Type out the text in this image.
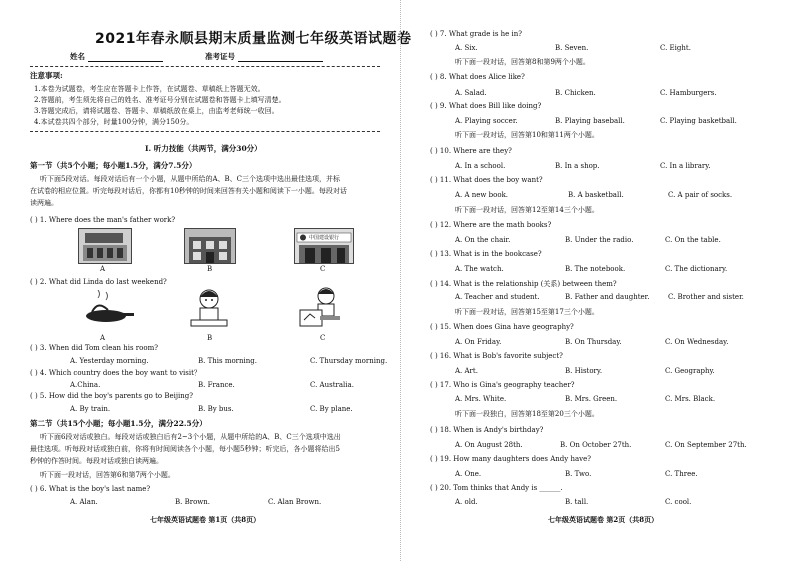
2021年春永顺县期末质量监测七年级英语试题卷
姓名	准考证号
注意事项:
1.本卷为试题卷，考生应在答题卡上作答，在试题卷、草稿纸上答题无效。
2.答题前，考生须先将自己的姓名、准考证号分别在试题卷和答题卡上填写清楚。
3.答题完成后，请将试题卷、答题卡、草稿纸放在桌上，由监考老师统一收回。
4.本试卷共四个部分，时量100分钟，满分150分。
I. 听力技能（共两节，满分30分）
第一节（共5个小题；每小题1.5分，满分7.5分）
听下面5段对话。每段对话后有一个小题，从题中所给的A、B、C三个选项中选出最佳选项，并标
在试卷的相应位置。听完每段对话后，你都有10秒钟的时间来回答有关小题和阅读下一小题。每段对话
读两遍。
( ) 1. Where does the man's father work?
中国建设银行
A	B	C
( ) 2. What did Linda do last weekend?
A	B	C
( ) 3. When did Tom clean his room?
A. Yesterday morning.	B. This morning.	C. Thursday morning.
( ) 4. Which country does the boy want to visit？
A.China.	B. France.	C. Australia.
( ) 5. How did the boy's parents go to Beijing?
A. By train.	B. By bus.	C. By plane.
第二节（共15个小题；每小题1.5分，满分22.5分）
听下面6段对话或独白。每段对话或独白后有2~3个小题，从题中所给的A、B、C三个选项中选出
最佳选项。听每段对话或独白前，你将有时间阅读各个小题，每小题5秒钟；听完后，各小题将给出5
秒钟的作答时间。每段对话或独白读两遍。
听下面一段对话，回答第6和第7两个小题。
( ) 6. What is the boy's last name?
A. Alan.	B. Brown.	C. Alan Brown.
七年级英语试题卷 第1页（共8页）
( ) 7. What grade is he in?
A. Six.	B. Seven.	C. Eight.
听下面一段对话，回答第8和第9两个小题。
( ) 8. What does Alice like?
A. Salad.	B. Chicken.	C. Hamburgers.
( ) 9. What does Bill like doing?
A. Playing soccer.	B. Playing baseball.	C. Playing basketball.
听下面一段对话，回答第10和第11两个小题。
( ) 10. Where are they?
A. In a school.	B. In a shop.	C. In a library.
( ) 11. What does the boy want?
A. A new book.	B. A basketball.	C. A pair of socks.
听下面一段对话，回答第12至第14三个小题。
( ) 12. Where are the math books?
A. On the chair.	B. Under the radio.	C. On the table.
( ) 13. What is in the bookcase?
A. The watch.	B. The notebook.	C. The dictionary.
( ) 14. What is the relationship (关系) between them?
A. Teacher and student.	B. Father and daughter.	C. Brother and sister.
听下面一段对话，回答第15至第17三个小题。
( ) 15. When does Gina have geography?
A. On Friday.	B. On Thursday.	C. On Wednesday.
( ) 16. What is Bob's favorite subject?
A. Art.	B. History.	C. Geography.
( ) 17. Who is Gina's geography teacher?
A. Mrs. White.	B. Mrs. Green.	C. Mrs. Black.
听下面一段独白，回答第18至第20三个小题。
( ) 18. When is Andy's birthday?
A. On August 28th.	B. On October 27th.	C. On September 27th.
( ) 19. How many daughters does Andy have?
A. One.	B. Two.	C. Three.
( ) 20. Tom thinks that Andy is ______.
A. old.	B. tall.	C. cool.
七年级英语试题卷 第2页（共8页）
